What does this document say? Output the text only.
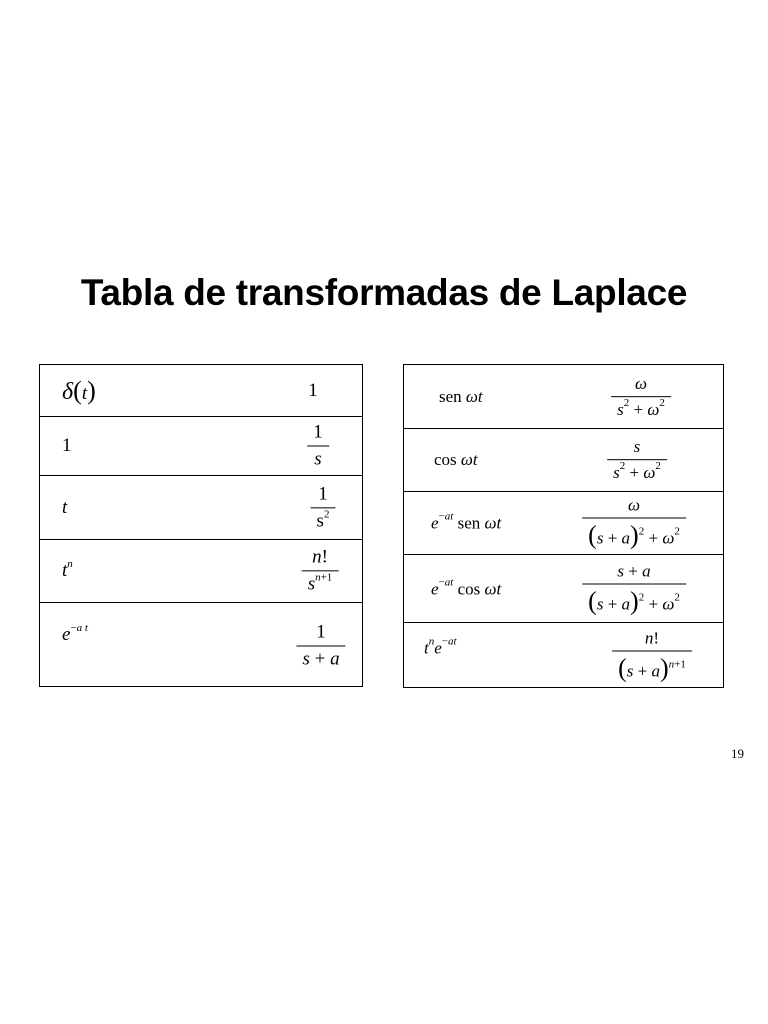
Tabla de transformadas de Laplace
δ(t)	1
1	$\frac{1}{s}$
t	$\frac{1}{s^2}$
$t^n$	$\frac{n!}{s^{n+1}}$
$e^{-a t}$	$\frac{1}{s + a}$
sen ωt	$\frac{\omega}{s^2 + \omega^2}$
cos ωt	$\frac{s}{s^2 + \omega^2}$
$e^{-at}$ sen ωt	$\frac{\omega}{(s + a)^2 + \omega^2}$
$e^{-at}$ cos ωt	$\frac{s + a}{(s + a)^2 + \omega^2}$
$t^ne^{-at}$	$\frac{n!}{(s + a)^{n+1}}$
19
